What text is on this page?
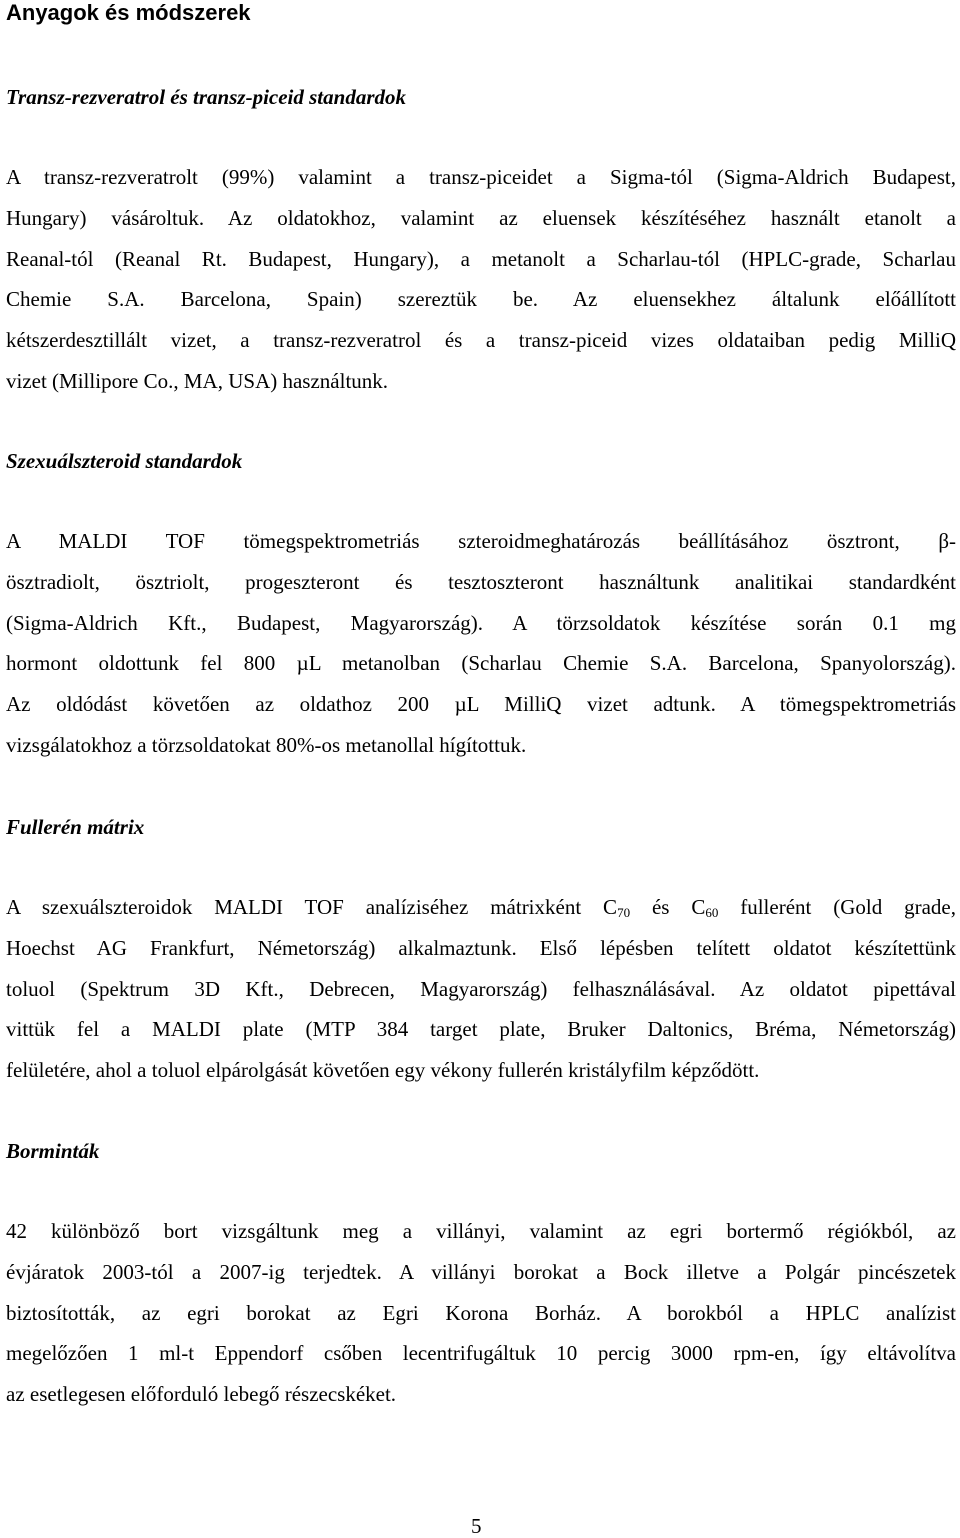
Anyagok és módszerek
Transz-rezveratrol és transz-piceid standardok
A transz-rezveratrolt (99%) valamint a transz-piceidet a Sigma-tól (Sigma-Aldrich Budapest,
Hungary) vásároltuk. Az oldatokhoz, valamint az eluensek készítéséhez használt etanolt a
Reanal-tól (Reanal Rt. Budapest, Hungary), a metanolt a Scharlau-tól (HPLC-grade, Scharlau
Chemie S.A. Barcelona, Spain) szereztük be. Az eluensekhez általunk előállított
kétszerdesztillált vizet, a transz-rezveratrol és a transz-piceid vizes oldataiban pedig MilliQ
vizet (Millipore Co., MA, USA) használtunk.
Szexuálszteroid standardok
A MALDI TOF tömegspektrometriás szteroidmeghatározás beállításához ösztront, β-
ösztradiolt, ösztriolt, progeszteront és tesztoszteront használtunk analitikai standardként
(Sigma-Aldrich Kft., Budapest, Magyarország). A törzsoldatok készítése során 0.1 mg
hormont oldottunk fel 800 µL metanolban (Scharlau Chemie S.A. Barcelona, Spanyolország).
Az oldódást követően az oldathoz 200 µL MilliQ vizet adtunk. A tömegspektrometriás
vizsgálatokhoz a törzsoldatokat 80%-os metanollal hígítottuk.
Fullerén mátrix
A szexuálszteroidok MALDI TOF analíziséhez mátrixként $C_{70}$ és $C_{60}$ fullerént (Gold grade,
Hoechst AG Frankfurt, Németország) alkalmaztunk. Első lépésben telített oldatot készítettünk
toluol (Spektrum 3D Kft., Debrecen, Magyarország) felhasználásával. Az oldatot pipettával
vittük fel a MALDI plate (MTP 384 target plate, Bruker Daltonics, Bréma, Németország)
felületére, ahol a toluol elpárolgását követően egy vékony fullerén kristályfilm képződött.
Borminták
42 különböző bort vizsgáltunk meg a villányi, valamint az egri bortermő régiókból, az
évjáratok 2003-tól a 2007-ig terjedtek. A villányi borokat a Bock illetve a Polgár pincészetek
biztosították, az egri borokat az Egri Korona Borház. A borokból a HPLC analízist
megelőzően 1 ml-t Eppendorf csőben lecentrifugáltuk 10 percig 3000 rpm-en, így eltávolítva
az esetlegesen előforduló lebegő részecskéket.
5
